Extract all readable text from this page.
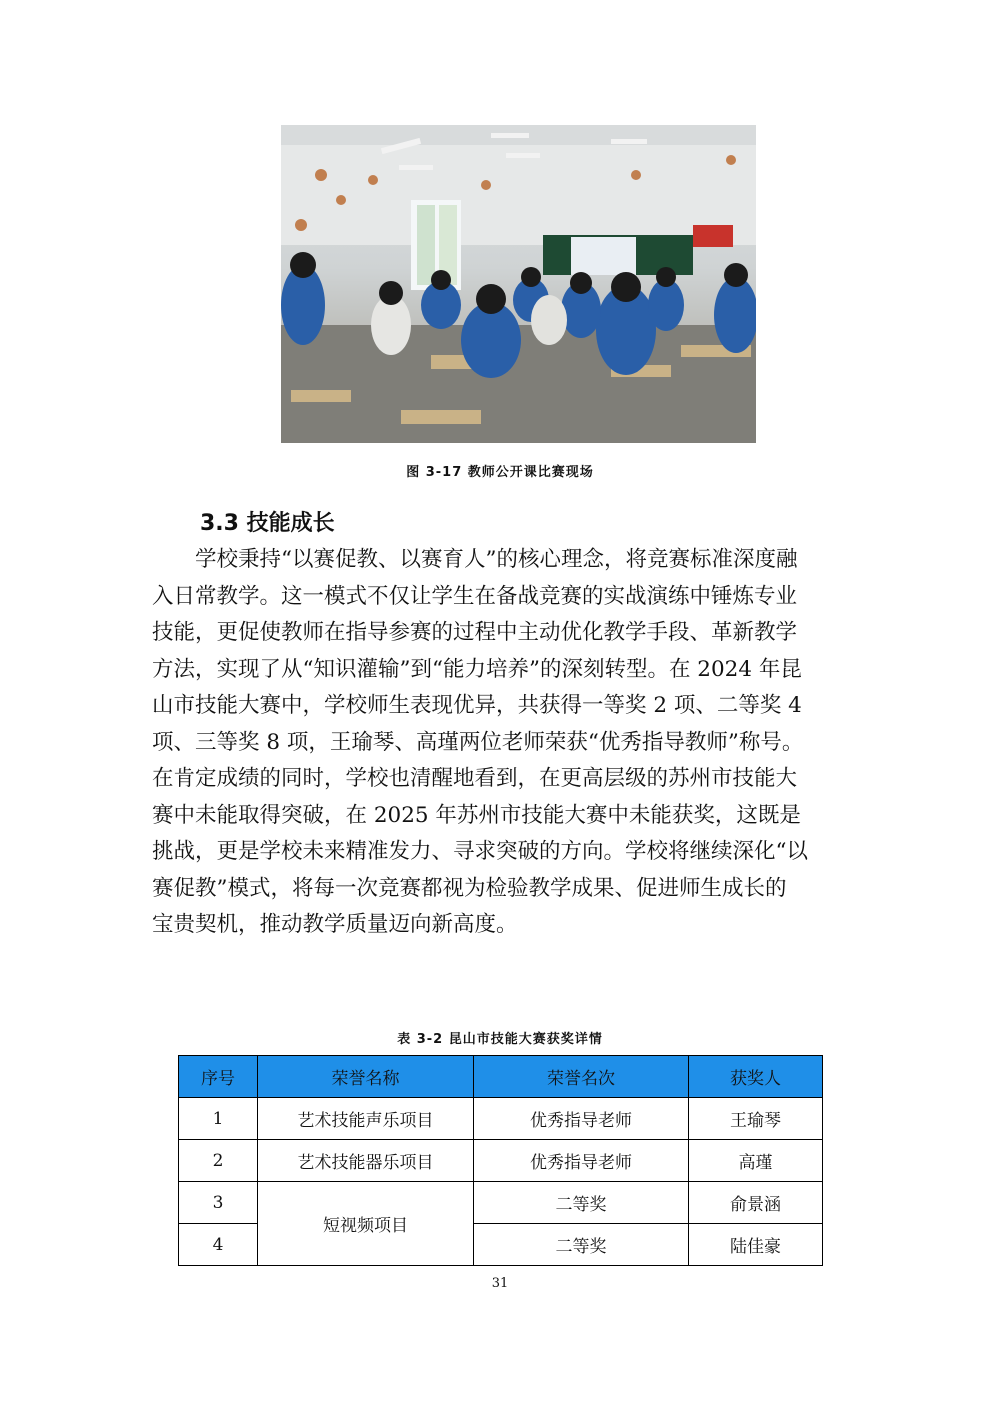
图 3-17 教师公开课比赛现场
3.3 技能成长
学校秉持“以赛促教、以赛育人”的核心理念，将竞赛标准深度融
入日常教学。这一模式不仅让学生在备战竞赛的实战演练中锤炼专业
技能，更促使教师在指导参赛的过程中主动优化教学手段、革新教学
方法，实现了从“知识灌输”到“能力培养”的深刻转型。在 2024 年昆
山市技能大赛中，学校师生表现优异，共获得一等奖 2 项、二等奖 4
项、三等奖 8 项，王瑜琴、高瑾两位老师荣获“优秀指导教师”称号。
在肯定成绩的同时，学校也清醒地看到，在更高层级的苏州市技能大
赛中未能取得突破，在 2025 年苏州市技能大赛中未能获奖，这既是
挑战，更是学校未来精准发力、寻求突破的方向。学校将继续深化“以
赛促教”模式，将每一次竞赛都视为检验教学成果、促进师生成长的
宝贵契机，推动教学质量迈向新高度。
表 3-2 昆山市技能大赛获奖详情
序号	荣誉名称	荣誉名次	获奖人
1	艺术技能声乐项目	优秀指导老师	王瑜琴
2	艺术技能器乐项目	优秀指导老师	高瑾
3	短视频项目	二等奖	俞景涵
4		二等奖	陆佳豪
31
